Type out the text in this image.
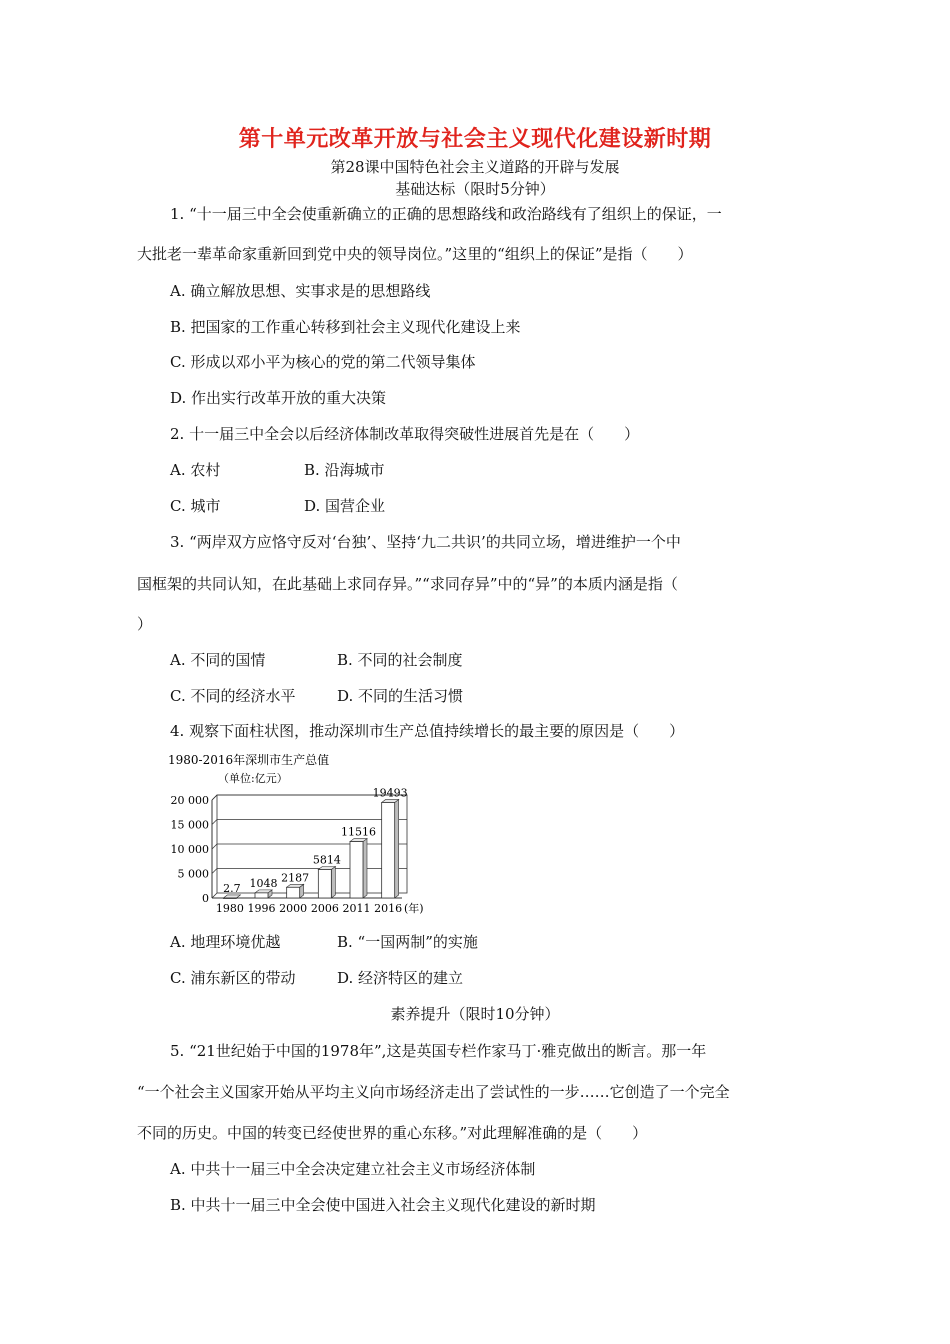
第十单元改革开放与社会主义现代化建设新时期
第28课中国特色社会主义道路的开辟与发展
基础达标（限时5分钟）
1. “十一届三中全会使重新确立的正确的思想路线和政治路线有了组织上的保证，一
大批老一辈革命家重新回到党中央的领导岗位。”这里的“组织上的保证”是指（　　）
A. 确立解放思想、实事求是的思想路线
B. 把国家的工作重心转移到社会主义现代化建设上来
C. 形成以邓小平为核心的党的第二代领导集体
D. 作出实行改革开放的重大决策
2. 十一届三中全会以后经济体制改革取得突破性进展首先是在（　　）
A. 农村	B. 沿海城市
C. 城市	D. 国营企业
3. “两岸双方应恪守反对‘台独’、坚持‘九二共识’的共同立场，增进维护一个中
国框架的共同认知，在此基础上求同存异。”“求同存异”中的“异”的本质内涵是指（
）
A. 不同的国情	B. 不同的社会制度
C. 不同的经济水平	D. 不同的生活习惯
4. 观察下面柱状图，推动深圳市生产总值持续增长的最主要的原因是（　　）
1980-2016年深圳市生产总值
（单位:亿元）
20 000
15 000
10 000
5 000
0
2.7
1980
1048
1996
2187
2000
5814
2006
11516
2011
19493
2016 (年)
A. 地理环境优越	B. “一国两制”的实施
C. 浦东新区的带动	D. 经济特区的建立
素养提升（限时10分钟）
5. “21世纪始于中国的1978年”,这是英国专栏作家马丁·雅克做出的断言。那一年
“一个社会主义国家开始从平均主义向市场经济走出了尝试性的一步……它创造了一个完全
不同的历史。中国的转变已经使世界的重心东移。”对此理解准确的是（　　）
A. 中共十一届三中全会决定建立社会主义市场经济体制
B. 中共十一届三中全会使中国进入社会主义现代化建设的新时期
